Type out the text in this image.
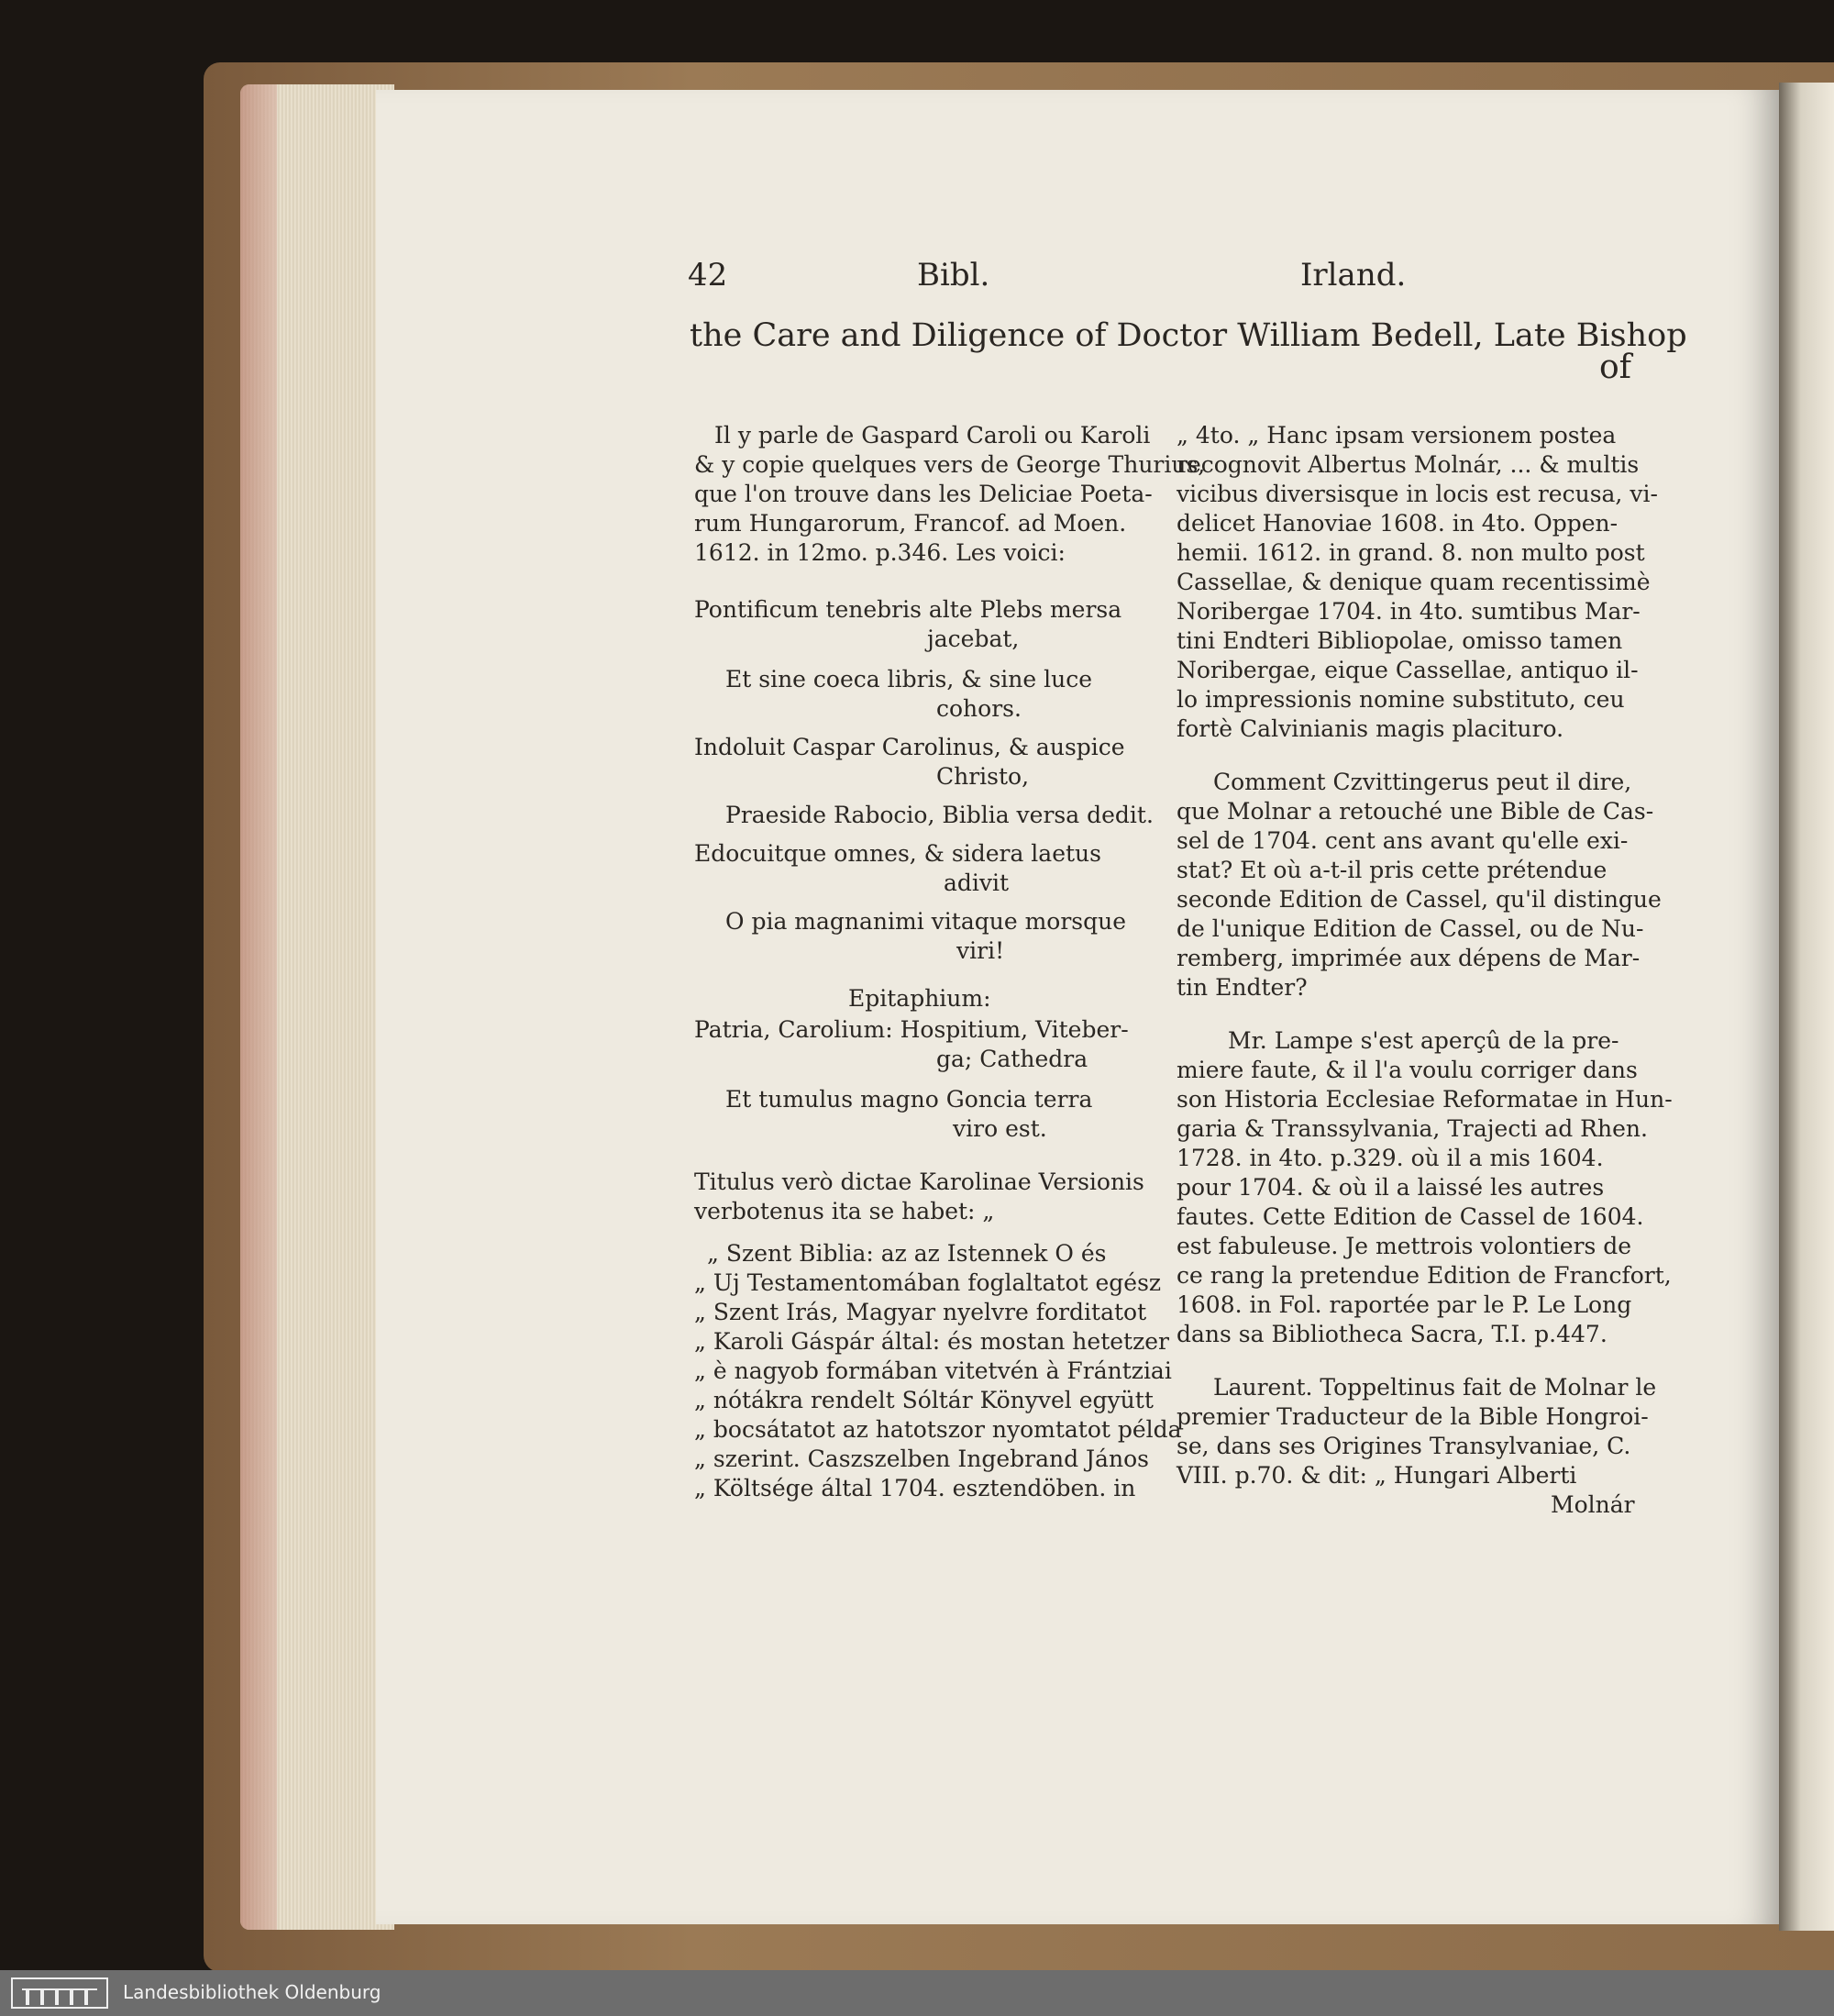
42	Bibl.	Irland.
the Care and Diligence of Doctor William Bedell, Late Bishop
of
Il y parle de Gaspard Caroli ou Karoli
& y copie quelques vers de George Thurius,
que l'on trouve dans les Deliciae Poeta-
rum Hungarorum, Francof. ad Moen.
1612. in 12mo. p.346. Les voici:
Pontificum tenebris alte Plebs mersa
jacebat,
Et sine coeca libris, & sine luce
cohors.
Indoluit Caspar Carolinus, & auspice
Christo,
Praeside Rabocio, Biblia versa dedit.
Edocuitque omnes, & sidera laetus
adivit
O pia magnanimi vitaque morsque
viri!
Epitaphium:
Patria, Carolium: Hospitium, Viteber-
ga; Cathedra
Et tumulus magno Goncia terra
viro est.
Titulus verò dictae Karolinae Versionis
verbotenus ita se habet: „
„ Szent Biblia: az az Istennek O és
„ Uj Testamentomában foglaltatot egész
„ Szent Irás, Magyar nyelvre forditatot
„ Karoli Gáspár által: és mostan hetetzer
„ è nagyob formában vitetvén à Frántziai
„ nótákra rendelt Sóltár Könyvel együtt
„ bocsátatot az hatotszor nyomtatot példa
„ szerint. Caszszelben Ingebrand János
„ Költsége által 1704. esztendöben. in
„ 4to. „ Hanc ipsam versionem postea
recognovit Albertus Molnár, ... & multis
vicibus diversisque in locis est recusa, vi-
delicet Hanoviae 1608. in 4to. Oppen-
hemii. 1612. in grand. 8. non multo post
Cassellae, & denique quam recentissimè
Noribergae 1704. in 4to. sumtibus Mar-
tini Endteri Bibliopolae, omisso tamen
Noribergae, eique Cassellae, antiquo il-
lo impressionis nomine substituto, ceu
fortè Calvinianis magis placituro.
Comment Czvittingerus peut il dire,
que Molnar a retouché une Bible de Cas-
sel de 1704. cent ans avant qu'elle exi-
stat? Et où a-t-il pris cette prétendue
seconde Edition de Cassel, qu'il distingue
de l'unique Edition de Cassel, ou de Nu-
remberg, imprimée aux dépens de Mar-
tin Endter?
Mr. Lampe s'est aperçû de la pre-
miere faute, & il l'a voulu corriger dans
son Historia Ecclesiae Reformatae in Hun-
garia & Transsylvania, Trajecti ad Rhen.
1728. in 4to. p.329. où il a mis 1604.
pour 1704. & où il a laissé les autres
fautes. Cette Edition de Cassel de 1604.
est fabuleuse. Je mettrois volontiers de
ce rang la pretendue Edition de Francfort,
1608. in Fol. raportée par le P. Le Long
dans sa Bibliotheca Sacra, T.I. p.447.
Laurent. Toppeltinus fait de Molnar le
premier Traducteur de la Bible Hongroi-
se, dans ses Origines Transylvaniae, C.
VIII. p.70. & dit: „ Hungari Alberti
Molnár
Landesbibliothek Oldenburg
